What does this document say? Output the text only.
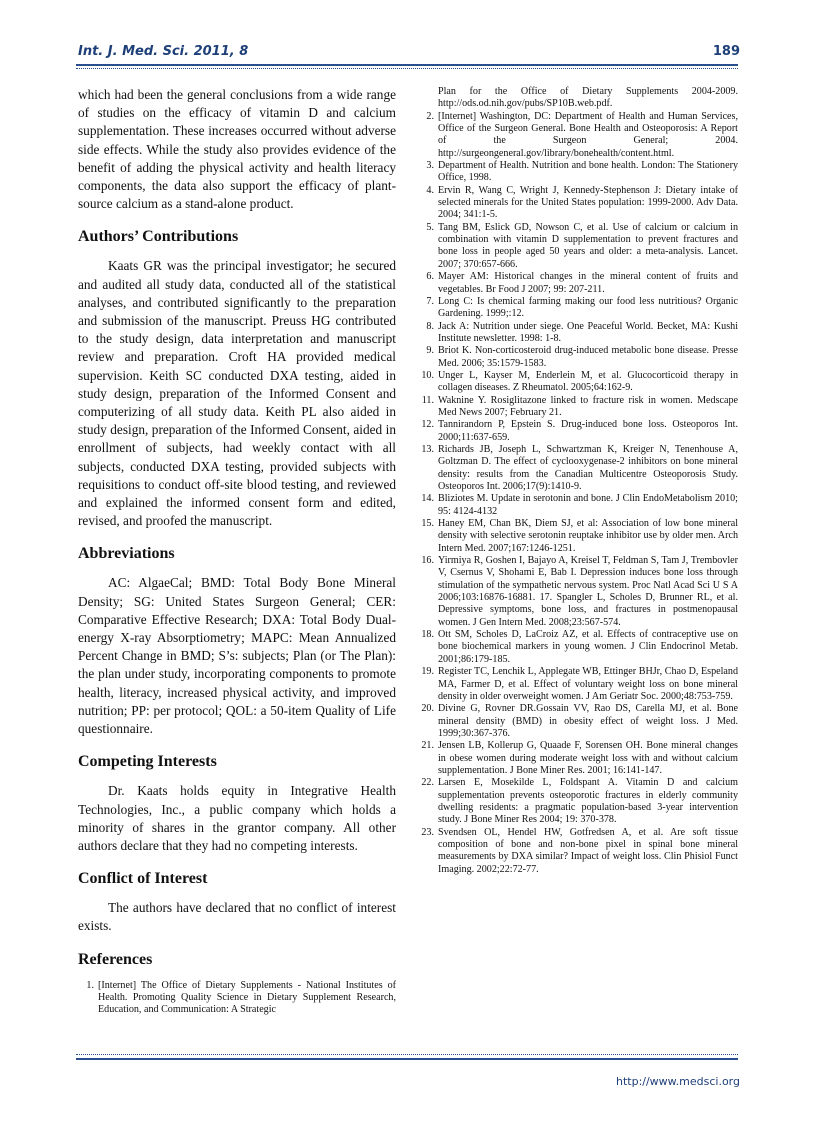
Int. J. Med. Sci. 2011, 8	189

which had been the general conclusions from a wide range of studies on the efficacy of vitamin D and calcium supplementation. These increases occurred without adverse side effects. While the study also provides evidence of the benefit of adding the physical activity and health literacy components, the data also support the efficacy of plant-source calcium as a stand-alone product.

Authors’ Contributions

Kaats GR was the principal investigator; he secured and audited all study data, conducted all of the statistical analyses, and contributed significantly to the preparation and submission of the manuscript. Preuss HG contributed to the study design, data interpretation and manuscript review and preparation. Croft HA provided medical supervision. Keith SC conducted DXA testing, aided in study design, preparation of the Informed Consent and computerizing of all study data. Keith PL also aided in study design, preparation of the Informed Consent, aided in enrollment of subjects, had weekly contact with all subjects, conducted DXA testing, provided subjects with requisitions to conduct off-site blood testing, and reviewed and explained the informed consent form and edited, revised, and proofed the manuscript.

Abbreviations

AC: AlgaeCal; BMD: Total Body Bone Mineral Density; SG: United States Surgeon General; CER: Comparative Effective Research; DXA: Total Body Dual-energy X-ray Absorptiometry; MAPC: Mean Annualized Percent Change in BMD; S’s: subjects; Plan (or The Plan): the plan under study, incorporating components to promote health, literacy, increased physical activity, and improved nutrition; PP: per protocol; QOL: a 50-item Quality of Life questionnaire.

Competing Interests

Dr. Kaats holds equity in Integrative Health Technologies, Inc., a public company which holds a minority of shares in the grantor company. All other authors declare that they had no competing interests.

Conflict of Interest

The authors have declared that no conflict of interest exists.

References
1. [Internet] The Office of Dietary Supplements - National Institutes of Health. Promoting Quality Science in Dietary Supplement Research, Education, and Communication: A Strategic
Plan for the Office of Dietary Supplements 2004-2009. http://ods.od.nih.gov/pubs/SP10B.web.pdf.
2. [Internet] Washington, DC: Department of Health and Human Services, Office of the Surgeon General. Bone Health and Osteoporosis: A Report of the Surgeon General; 2004. http://surgeongeneral.gov/library/bonehealth/content.html.
3. Department of Health. Nutrition and bone health. London: The Stationery Office, 1998.
4. Ervin R, Wang C, Wright J, Kennedy-Stephenson J: Dietary intake of selected minerals for the United States population: 1999-2000. Adv Data. 2004; 341:1-5.
5. Tang BM, Eslick GD, Nowson C, et al. Use of calcium or calcium in combination with vitamin D supplementation to prevent fractures and bone loss in people aged 50 years and older: a meta-analysis. Lancet. 2007; 370:657-666.
6. Mayer AM: Historical changes in the mineral content of fruits and vegetables. Br Food J 2007; 99: 207-211.
7. Long C: Is chemical farming making our food less nutritious? Organic Gardening. 1999;:12.
8. Jack A: Nutrition under siege. One Peaceful World. Becket, MA: Kushi Institute newsletter. 1998: 1-8.
9. Briot K. Non-corticosteroid drug-induced metabolic bone disease. Presse Med. 2006; 35:1579-1583.
10. Unger L, Kayser M, Enderlein M, et al. Glucocorticoid therapy in collagen diseases. Z Rheumatol. 2005;64:162-9.
11. Waknine Y. Rosiglitazone linked to fracture risk in women. Medscape Med News 2007; February 21.
12. Tannirandorn P, Epstein S. Drug-induced bone loss. Osteoporos Int. 2000;11:637-659.
13. Richards JB, Joseph L, Schwartzman K, Kreiger N, Tenenhouse A, Goltzman D. The effect of cyclooxygenase-2 inhibitors on bone mineral density: results from the Canadian Multicentre Osteoporosis Study. Osteoporos Int. 2006;17(9):1410-9.
14. Bliziotes M. Update in serotonin and bone. J Clin EndoMetabolism 2010; 95: 4124-4132
15. Haney EM, Chan BK, Diem SJ, et al: Association of low bone mineral density with selective serotonin reuptake inhibitor use by older men. Arch Intern Med. 2007;167:1246-1251.
16. Yirmiya R, Goshen I, Bajayo A, Kreisel T, Feldman S, Tam J, Trembovler V, Csernus V, Shohami E, Bab I. Depression induces bone loss through stimulation of the sympathetic nervous system. Proc Natl Acad Sci U S A 2006;103:16876-16881. 17. Spangler L, Scholes D, Brunner RL, et al. Depressive symptoms, bone loss, and fractures in postmenopausal women. J Gen Intern Med. 2008;23:567-574.
18. Ott SM, Scholes D, LaCroiz AZ, et al. Effects of contraceptive use on bone biochemical markers in young women. J Clin Endocrinol Metab. 2001;86:179-185.
19. Register TC, Lenchik L, Applegate WB, Ettinger BHJr, Chao D, Espeland MA, Farmer D, et al. Effect of voluntary weight loss on bone mineral density in older overweight women. J Am Geriatr Soc. 2000;48:753-759.
20. Divine G, Rovner DR.Gossain VV, Rao DS, Carella MJ, et al. Bone mineral density (BMD) in obesity effect of weight loss. J Med. 1999;30:367-376.
21. Jensen LB, Kollerup G, Quaade F, Sorensen OH. Bone mineral changes in obese women during moderate weight loss with and without calcium supplementation. J Bone Miner Res. 2001; 16:141-147.
22. Larsen E, Mosekilde L, Foldspant A. Vitamin D and calcium supplementation prevents osteoporotic fractures in elderly community dwelling residents: a pragmatic population-based 3-year intervention study. J Bone Miner Res 2004; 19: 370-378.
23. Svendsen OL, Hendel HW, Gotfredsen A, et al. Are soft tissue composition of bone and non-bone pixel in spinal bone mineral measurements by DXA similar? Impact of weight loss. Clin Phisiol Funct Imaging. 2002;22:72-77.
http://www.medsci.org
